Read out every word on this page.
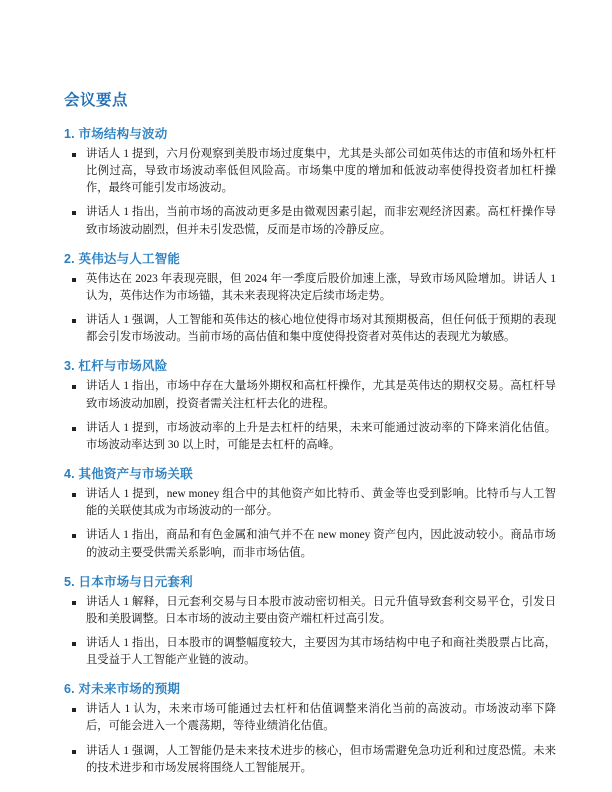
会议要点
1. 市场结构与波动
讲话人 1 提到，六月份观察到美股市场过度集中，尤其是头部公司如英伟达的市值和场外杠杆比例过高，导致市场波动率低但风险高。市场集中度的增加和低波动率使得投资者加杠杆操作，最终可能引发市场波动。
讲话人 1 指出，当前市场的高波动更多是由微观因素引起，而非宏观经济因素。高杠杆操作导致市场波动剧烈，但并未引发恐慌，反而是市场的冷静反应。
2. 英伟达与人工智能
英伟达在 2023 年表现亮眼，但 2024 年一季度后股价加速上涨，导致市场风险增加。讲话人 1 认为，英伟达作为市场锚，其未来表现将决定后续市场走势。
讲话人 1 强调，人工智能和英伟达的核心地位使得市场对其预期极高，但任何低于预期的表现都会引发市场波动。当前市场的高估值和集中度使得投资者对英伟达的表现尤为敏感。
3. 杠杆与市场风险
讲话人 1 指出，市场中存在大量场外期权和高杠杆操作，尤其是英伟达的期权交易。高杠杆导致市场波动加剧，投资者需关注杠杆去化的进程。
讲话人 1 提到，市场波动率的上升是去杠杆的结果，未来可能通过波动率的下降来消化估值。市场波动率达到 30 以上时，可能是去杠杆的高峰。
4. 其他资产与市场关联
讲话人 1 提到，new money 组合中的其他资产如比特币、黄金等也受到影响。比特币与人工智能的关联使其成为市场波动的一部分。
讲话人 1 指出，商品和有色金属和油气并不在 new money 资产包内，因此波动较小。商品市场的波动主要受供需关系影响，而非市场估值。
5. 日本市场与日元套利
讲话人 1 解释，日元套利交易与日本股市波动密切相关。日元升值导致套利交易平仓，引发日股和美股调整。日本市场的波动主要由资产端杠杆过高引发。
讲话人 1 指出，日本股市的调整幅度较大，主要因为其市场结构中电子和商社类股票占比高，且受益于人工智能产业链的波动。
6. 对未来市场的预期
讲话人 1 认为，未来市场可能通过去杠杆和估值调整来消化当前的高波动。市场波动率下降后，可能会进入一个震荡期，等待业绩消化估值。
讲话人 1 强调，人工智能仍是未来技术进步的核心，但市场需避免急功近利和过度恐慌。未来的技术进步和市场发展将围绕人工智能展开。
